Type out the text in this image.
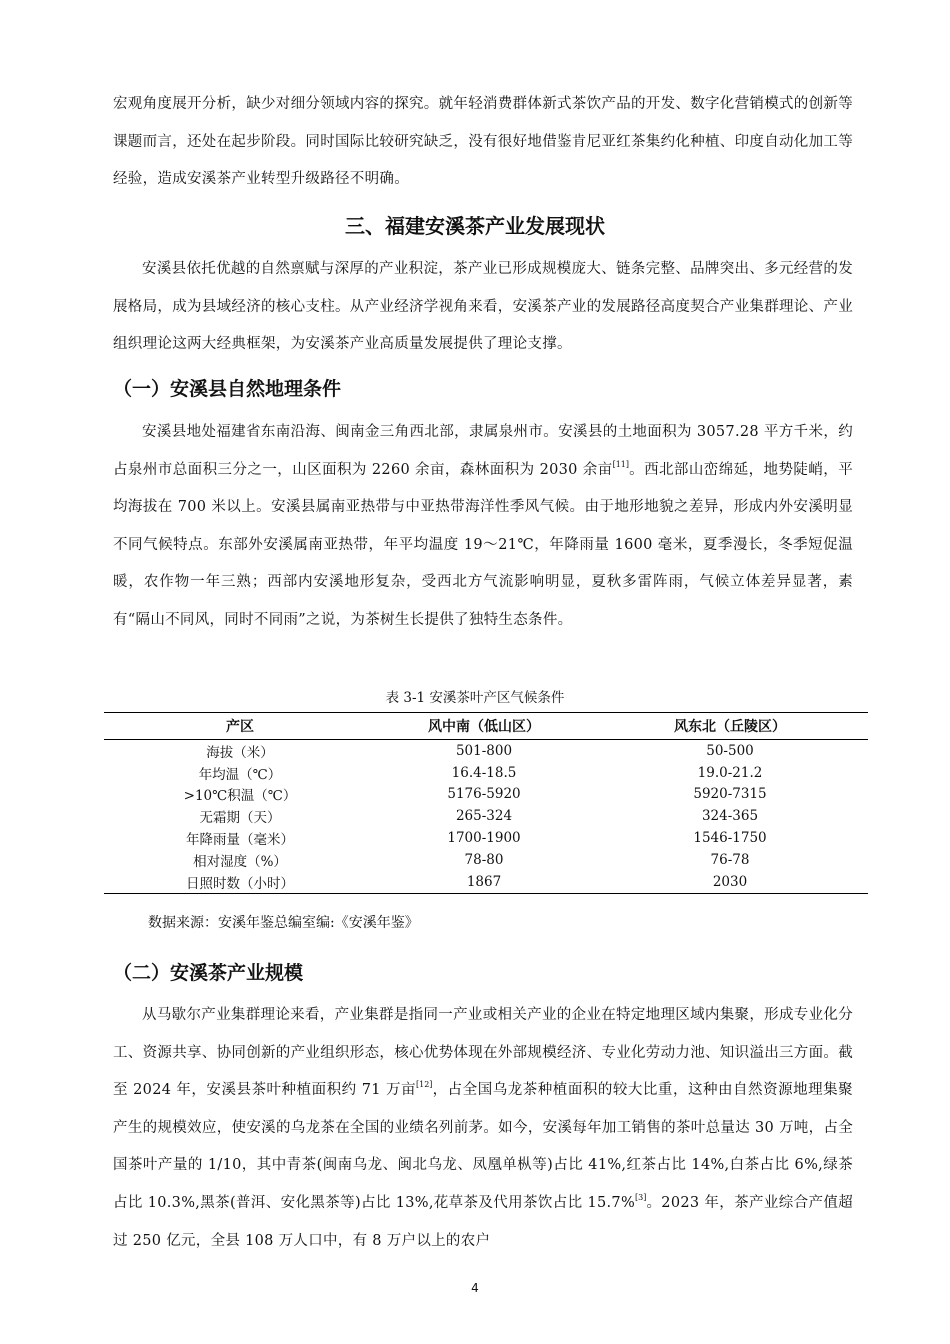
宏观角度展开分析，缺少对细分领域内容的探究。就年轻消费群体新式茶饮产品的开发、数字化营销模式的创新等课题而言，还处在起步阶段。同时国际比较研究缺乏，没有很好地借鉴肯尼亚红茶集约化种植、印度自动化加工等经验，造成安溪茶产业转型升级路径不明确。

三、福建安溪茶产业发展现状

安溪县依托优越的自然禀赋与深厚的产业积淀，茶产业已形成规模庞大、链条完整、品牌突出、多元经营的发展格局，成为县域经济的核心支柱。从产业经济学视角来看，安溪茶产业的发展路径高度契合产业集群理论、产业组织理论这两大经典框架，为安溪茶产业高质量发展提供了理论支撑。

（一）安溪县自然地理条件

安溪县地处福建省东南沿海、闽南金三角西北部，隶属泉州市。安溪县的土地面积为 3057.28 平方千米，约占泉州市总面积三分之一，山区面积为 2260 余亩，森林面积为 2030 余亩[11]。西北部山峦绵延，地势陡峭，平均海拔在 700 米以上。安溪县属南亚热带与中亚热带海洋性季风气候。由于地形地貌之差异，形成内外安溪明显不同气候特点。东部外安溪属南亚热带，年平均温度 19～21℃，年降雨量 1600 毫米，夏季漫长，冬季短促温暖，农作物一年三熟；西部内安溪地形复杂，受西北方气流影响明显，夏秋多雷阵雨，气候立体差异显著，素有“隔山不同风，同时不同雨”之说，为茶树生长提供了独特生态条件。

表 3-1 安溪茶叶产区气候条件

产区	风中南（低山区）	风东北（丘陵区）
海拔（米）	501-800	50-500
年均温（℃）	16.4-18.5	19.0-21.2
>10℃积温（℃）	5176-5920	5920-7315
无霜期（天）	265-324	324-365
年降雨量（毫米）	1700-1900	1546-1750
相对湿度（%）	78-80	76-78
日照时数（小时）	1867	2030

数据来源：安溪年鉴总编室编:《安溪年鉴》

（二）安溪茶产业规模

从马歇尔产业集群理论来看，产业集群是指同一产业或相关产业的企业在特定地理区域内集聚，形成专业化分工、资源共享、协同创新的产业组织形态，核心优势体现在外部规模经济、专业化劳动力池、知识溢出三方面。截至 2024 年，安溪县茶叶种植面积约 71 万亩[12]，占全国乌龙茶种植面积的较大比重，这种由自然资源地理集聚产生的规模效应，使安溪的乌龙茶在全国的业绩名列前茅。如今，安溪每年加工销售的茶叶总量达 30 万吨，占全国茶叶产量的 1/10，其中青茶(闽南乌龙、闽北乌龙、凤凰单枞等)占比 41%,红茶占比 14%,白茶占比 6%,绿茶占比 10.3%,黑茶(普洱、安化黑茶等)占比 13%,花草茶及代用茶饮占比 15.7%[3]。2023 年，茶产业综合产值超过 250 亿元，全县 108 万人口中，有 8 万户以上的农户

4
